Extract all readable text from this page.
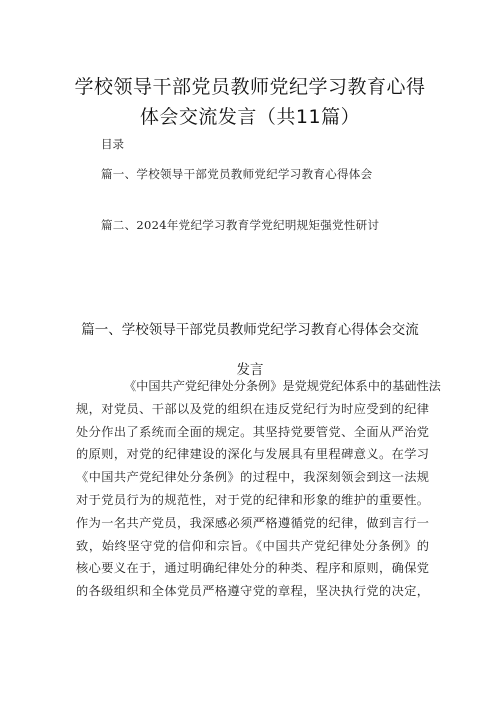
学校领导干部党员教师党纪学习教育心得
体会交流发言（共11篇）
目录
篇一、学校领导干部党员教师党纪学习教育心得体会
篇二、2024年党纪学习教育学党纪明规矩强党性研讨
篇一、学校领导干部党员教师党纪学习教育心得体会交流
发言
《中国共产党纪律处分条例》是党规党纪体系中的基础性法
规，对党员、干部以及党的组织在违反党纪行为时应受到的纪律
处分作出了系统而全面的规定。其坚持党要管党、全面从严治党
的原则，对党的纪律建设的深化与发展具有里程碑意义。在学习
《中国共产党纪律处分条例》的过程中，我深刻领会到这一法规
对于党员行为的规范性，对于党的纪律和形象的维护的重要性。
作为一名共产党员，我深感必须严格遵循党的纪律，做到言行一
致，始终坚守党的信仰和宗旨。《中国共产党纪律处分条例》的
核心要义在于，通过明确纪律处分的种类、程序和原则，确保党
的各级组织和全体党员严格遵守党的章程，坚决执行党的决定，
